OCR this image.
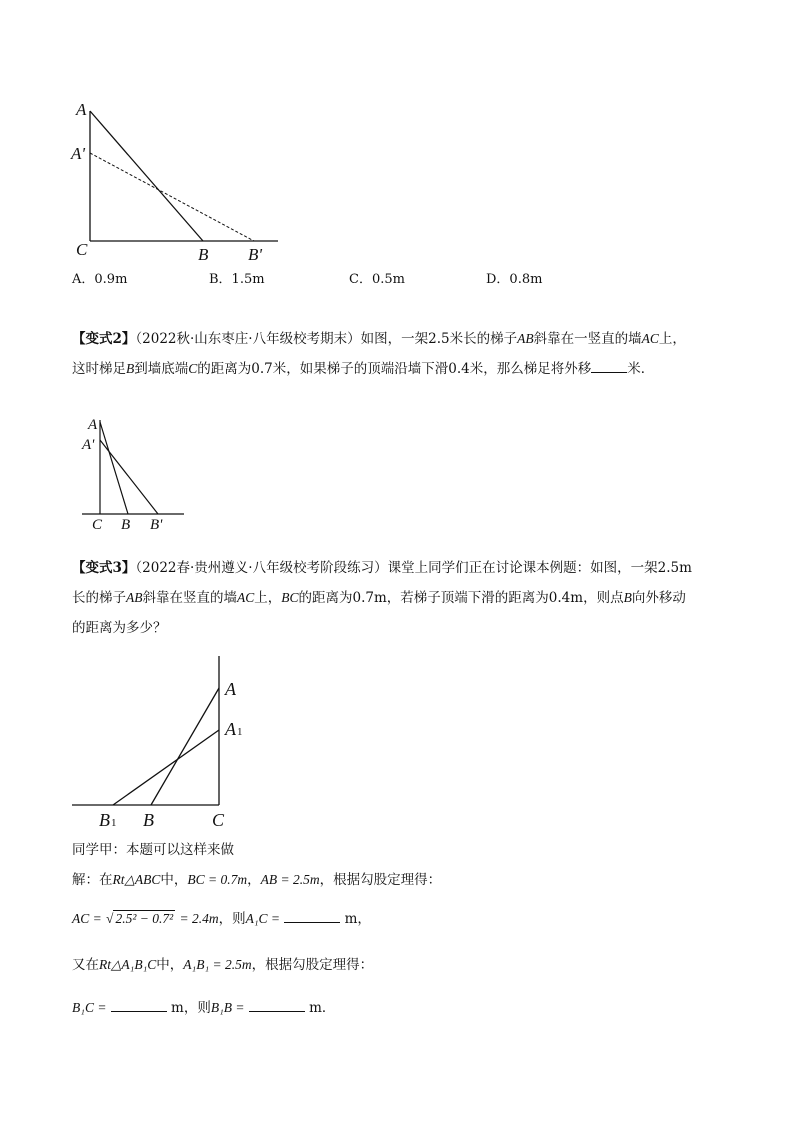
A
A'
C	B B'
A．0.9m	B．1.5m	C．0.5m	D．0.8m
【变式2】（2022秋·山东枣庄·八年级校考期末）如图，一架2.5米长的梯子AB斜靠在一竖直的墙AC上，
这时梯足B到墙底端C的距离为0.7米，如果梯子的顶端沿墙下滑0.4米，那么梯足将外移	米．
A
A'
C B B'
【变式3】（2022春·贵州遵义·八年级校考阶段练习）课堂上同学们正在讨论课本例题：如图，一架2.5m
长的梯子AB斜靠在竖直的墙AC上，BC的距离为0.7m，若梯子顶端下滑的距离为0.4m，则点B向外移动
的距离为多少？
A
A1
B1 B	C
同学甲：本题可以这样来做
解：在Rt△ABC中，BC = 0.7m，AB = 2.5m，根据勾股定理得：
AC = √ 2.5² − 0.7² = 2.4m，则A₁C =	m，
又在Rt△A₁B₁C中，A₁B₁ = 2.5m，根据勾股定理得：
B₁C =	m，则B₁B =	m．
